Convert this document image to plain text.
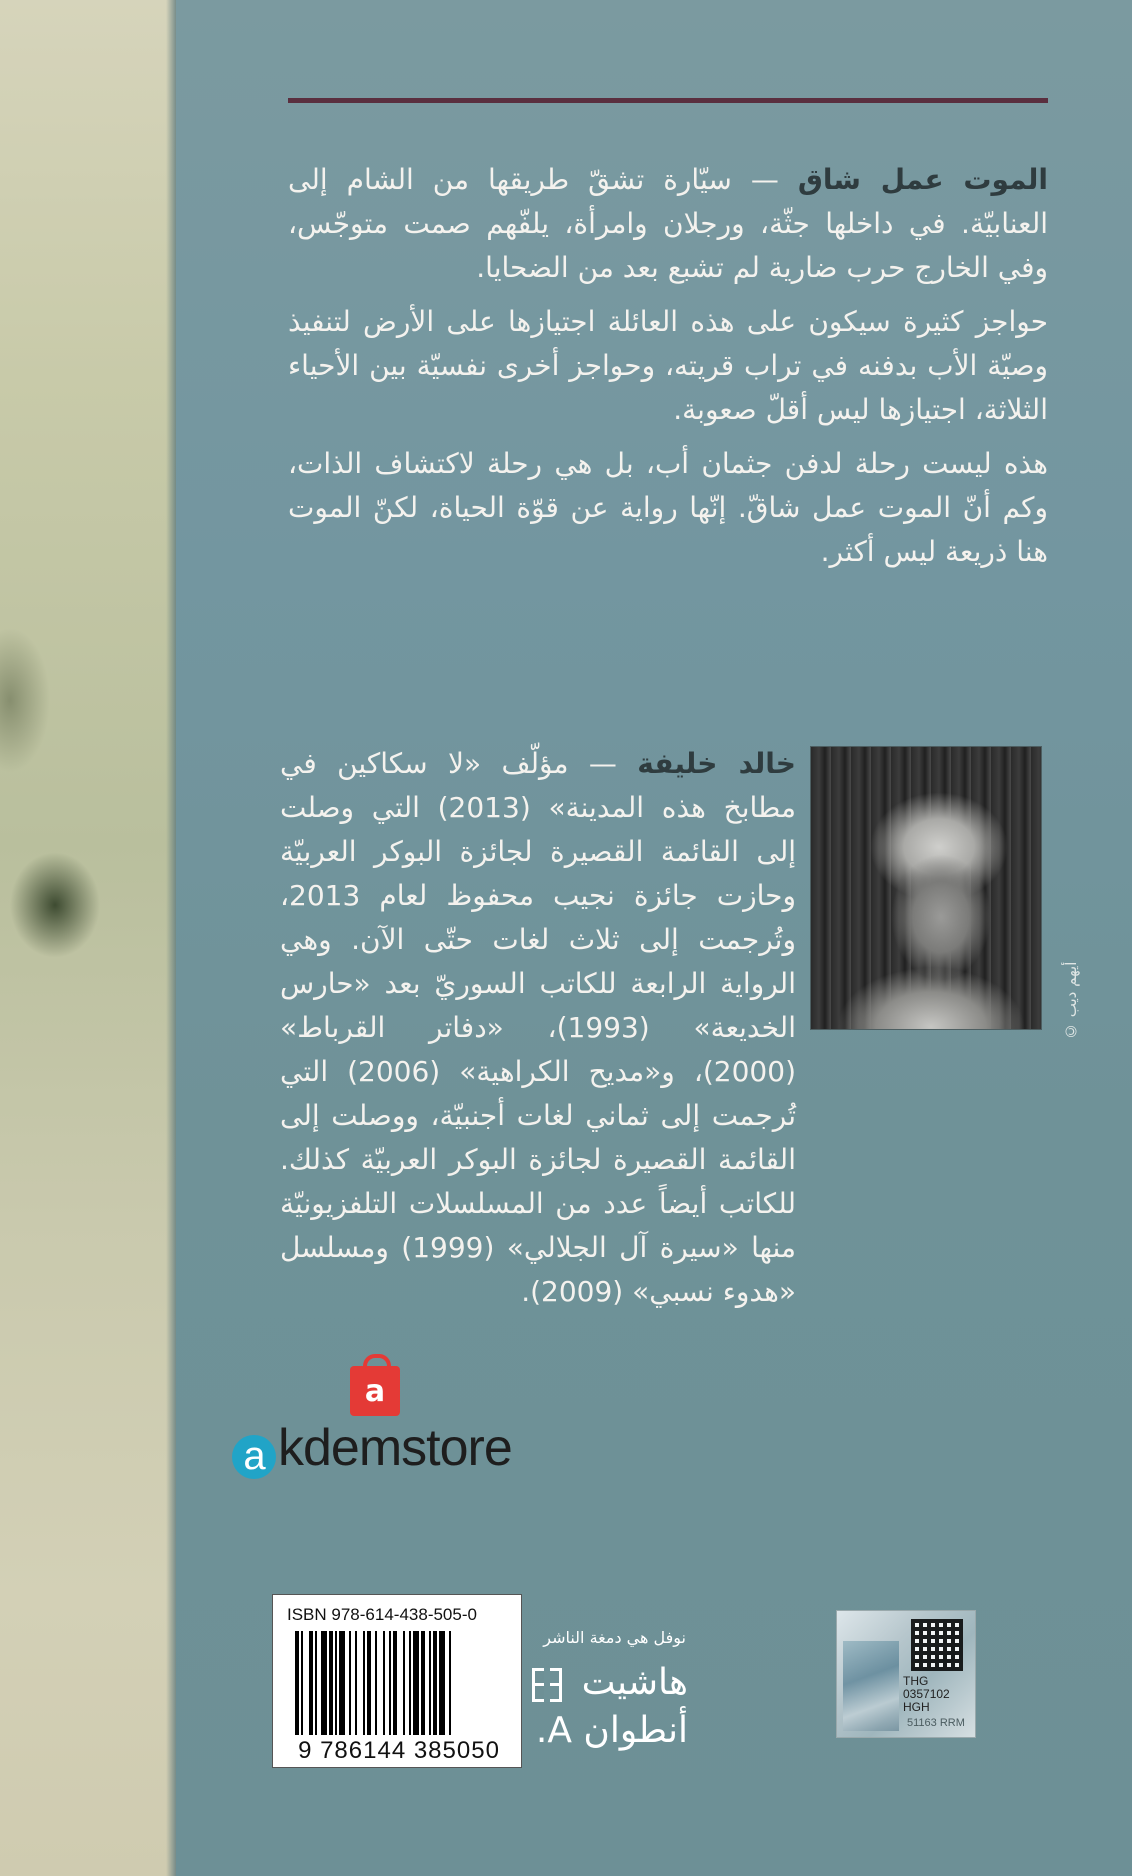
الموت عمل شاق — سيّارة تشقّ طريقها من الشام إلى العنابيّة. في داخلها جثّة، ورجلان وامرأة، يلفّهم صمت متوجّس، وفي الخارج حرب ضارية لم تشبع بعد من الضحايا.

حواجز كثيرة سيكون على هذه العائلة اجتيازها على الأرض لتنفيذ وصيّة الأب بدفنه في تراب قريته، وحواجز أخرى نفسيّة بين الأحياء الثلاثة، اجتيازها ليس أقلّ صعوبة.

هذه ليست رحلة لدفن جثمان أب، بل هي رحلة لاكتشاف الذات، وكم أنّ الموت عمل شاقّ. إنّها رواية عن قوّة الحياة، لكنّ الموت هنا ذريعة ليس أكثر.

© أيهم ديب

خالد خليفة — مؤلّف «لا سكاكين في مطابخ هذه المدينة» (2013) التي وصلت إلى القائمة القصيرة لجائزة البوكر العربيّة وحازت جائزة نجيب محفوظ لعام 2013، وتُرجمت إلى ثلاث لغات حتّى الآن. وهي الرواية الرابعة للكاتب السوريّ بعد «حارس الخديعة» (1993)، «دفاتر القرباط» (2000)، و«مديح الكراهية» (2006) التي تُرجمت إلى ثماني لغات أجنبيّة، ووصلت إلى القائمة القصيرة لجائزة البوكر العربيّة كذلك. للكاتب أيضاً عدد من المسلسلات التلفزيونيّة منها «سيرة آل الجلالي» (1999) ومسلسل «هدوء نسبي» (2009).

a
a kdemstore
ISBN 978-614-438-505-0
9 786144 385050
نوفل هي دمغة الناشر
هاشيت
أنطوان A.
THG
0357102
HGH
51163 RRM
